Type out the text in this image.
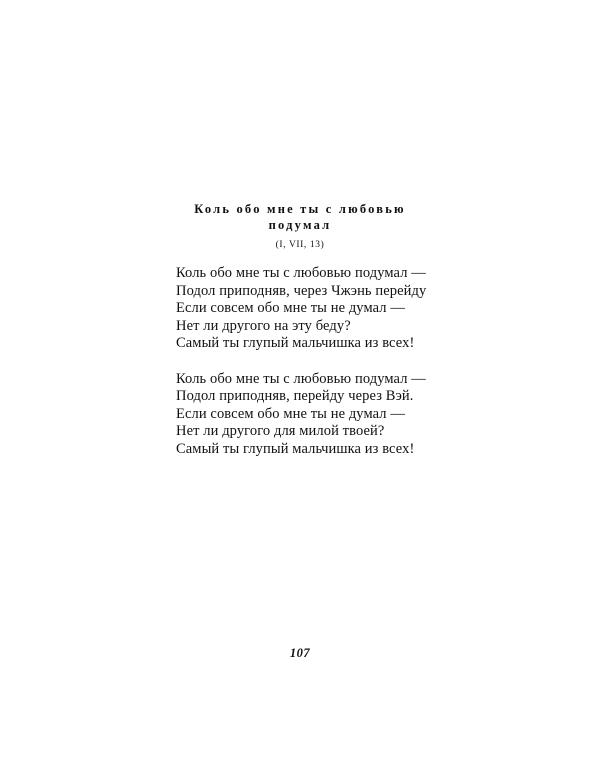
Коль обо мне ты с любовью
подумал
(I, VII, 13)
Коль обо мне ты с любовью подумал —
Подол приподняв, через Чжэнь перейду
Если совсем обо мне ты не думал —
Нет ли другого на эту беду?
Самый ты глупый мальчишка из всех!
Коль обо мне ты с любовью подумал —
Подол приподняв, перейду через Вэй.
Если совсем обо мне ты не думал —
Нет ли другого для милой твоей?
Самый ты глупый мальчишка из всех!
107
